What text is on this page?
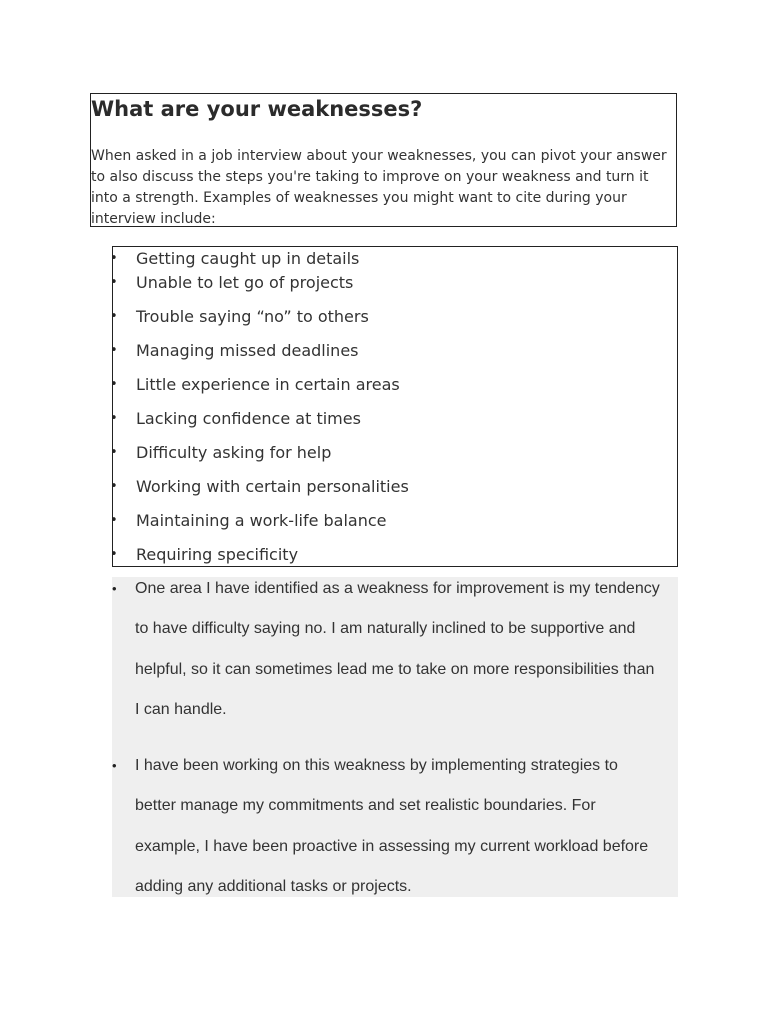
What are your weaknesses?

When asked in a job interview about your weaknesses, you can pivot your answer to also discuss the steps you're taking to improve on your weakness and turn it into a strength. Examples of weaknesses you might want to cite during your interview include:

• Getting caught up in details
• Unable to let go of projects
• Trouble saying “no” to others
• Managing missed deadlines
• Little experience in certain areas
• Lacking confidence at times
• Difficulty asking for help
• Working with certain personalities
• Maintaining a work-life balance
• Requiring specificity
• One area I have identified as a weakness for improvement is my tendency to have difficulty saying no. I am naturally inclined to be supportive and helpful, so it can sometimes lead me to take on more responsibilities than I can handle.
• I have been working on this weakness by implementing strategies to better manage my commitments and set realistic boundaries. For example, I have been proactive in assessing my current workload before adding any additional tasks or projects.
